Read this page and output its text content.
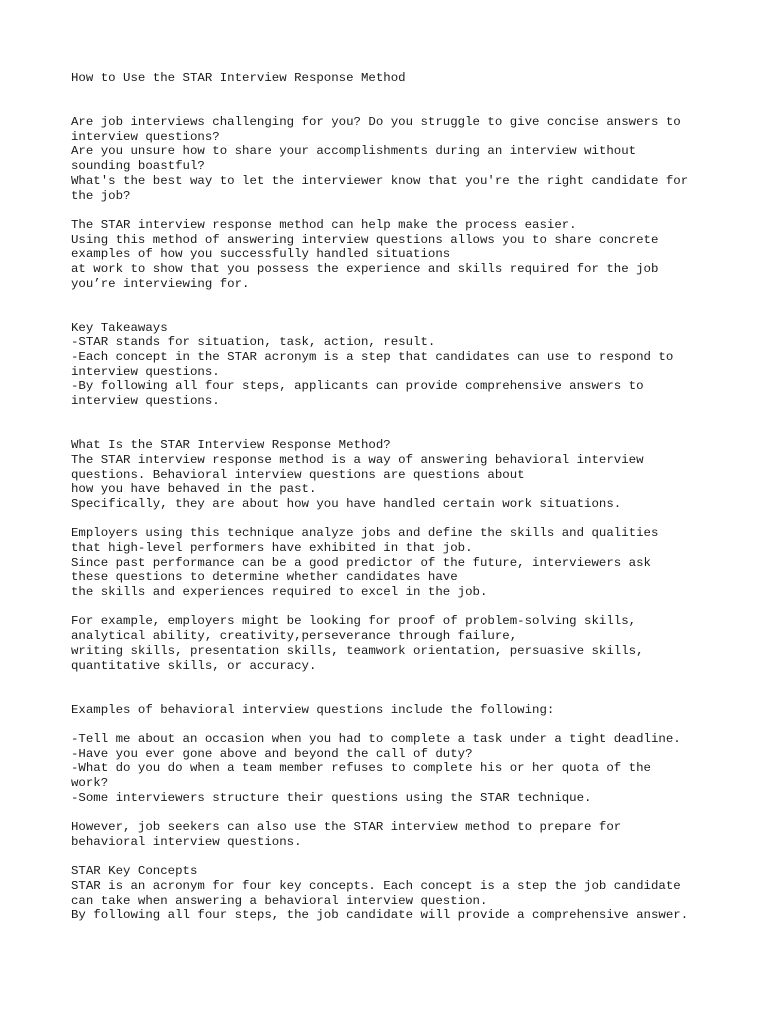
How to Use the STAR Interview Response Method
Are job interviews challenging for you? Do you struggle to give concise answers to
interview questions?
Are you unsure how to share your accomplishments during an interview without
sounding boastful?
What's the best way to let the interviewer know that you're the right candidate for
the job?
The STAR interview response method can help make the process easier.
Using this method of answering interview questions allows you to share concrete
examples of how you successfully handled situations
at work to show that you possess the experience and skills required for the job
you’re interviewing for.
Key Takeaways
-STAR stands for situation, task, action, result.
-Each concept in the STAR acronym is a step that candidates can use to respond to
interview questions.
-By following all four steps, applicants can provide comprehensive answers to
interview questions.
What Is the STAR Interview Response Method?
The STAR interview response method is a way of answering behavioral interview
questions. Behavioral interview questions are questions about
how you have behaved in the past.
Specifically, they are about how you have handled certain work situations.
Employers using this technique analyze jobs and define the skills and qualities
that high-level performers have exhibited in that job.
Since past performance can be a good predictor of the future, interviewers ask
these questions to determine whether candidates have
the skills and experiences required to excel in the job.
For example, employers might be looking for proof of problem-solving skills,
analytical ability, creativity,perseverance through failure,
writing skills, presentation skills, teamwork orientation, persuasive skills,
quantitative skills, or accuracy.
Examples of behavioral interview questions include the following:
-Tell me about an occasion when you had to complete a task under a tight deadline.
-Have you ever gone above and beyond the call of duty?
-What do you do when a team member refuses to complete his or her quota of the
work?
-Some interviewers structure their questions using the STAR technique.
However, job seekers can also use the STAR interview method to prepare for
behavioral interview questions.
STAR Key Concepts
STAR is an acronym for four key concepts. Each concept is a step the job candidate
can take when answering a behavioral interview question.
By following all four steps, the job candidate will provide a comprehensive answer.
